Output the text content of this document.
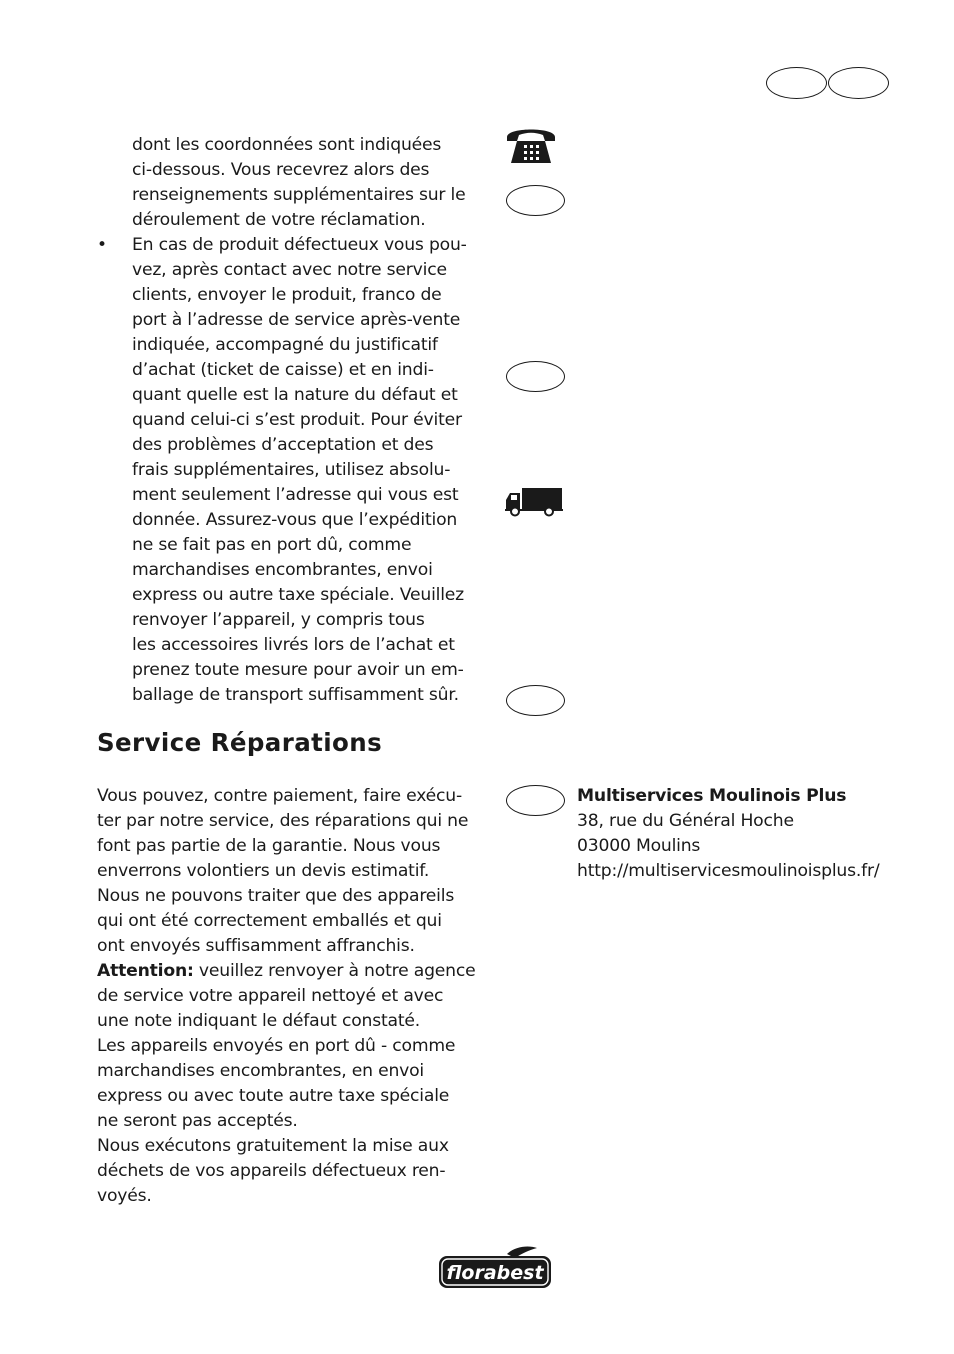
dont les coordonnées sont indiquées
ci-dessous. Vous recevrez alors des
renseignements supplémentaires sur le
déroulement de votre réclamation.
• En cas de produit défectueux vous pou-
vez, après contact avec notre service
clients, envoyer le produit, franco de
port à l’adresse de service après-vente
indiquée, accompagné du justificatif
d’achat (ticket de caisse) et en indi-
quant quelle est la nature du défaut et
quand celui-ci s’est produit. Pour éviter
des problèmes d’acceptation et des
frais supplémentaires, utilisez absolu-
ment seulement l’adresse qui vous est
donnée. Assurez-vous que l’expédition
ne se fait pas en port dû, comme
marchandises encombrantes, envoi
express ou autre taxe spéciale. Veuillez
renvoyer l’appareil, y compris tous
les accessoires livrés lors de l’achat et
prenez toute mesure pour avoir un em-
ballage de transport suffisamment sûr.
Service Réparations
Vous pouvez, contre paiement, faire exécu-
ter par notre service, des réparations qui ne
font pas partie de la garantie. Nous vous
enverrons volontiers un devis estimatif.
Nous ne pouvons traiter que des appareils
qui ont été correctement emballés et qui
ont envoyés suffisamment affranchis.
Attention: veuillez renvoyer à notre agence
de service votre appareil nettoyé et avec
une note indiquant le défaut constaté.
Les appareils envoyés en port dû - comme
marchandises encombrantes, en envoi
express ou avec toute autre taxe spéciale
ne seront pas acceptés.
Nous exécutons gratuitement la mise aux
déchets de vos appareils défectueux ren-
voyés.
Multiservices Moulinois Plus
38, rue du Général Hoche
03000 Moulins
http://multiservicesmoulinoisplus.fr/
florabest
